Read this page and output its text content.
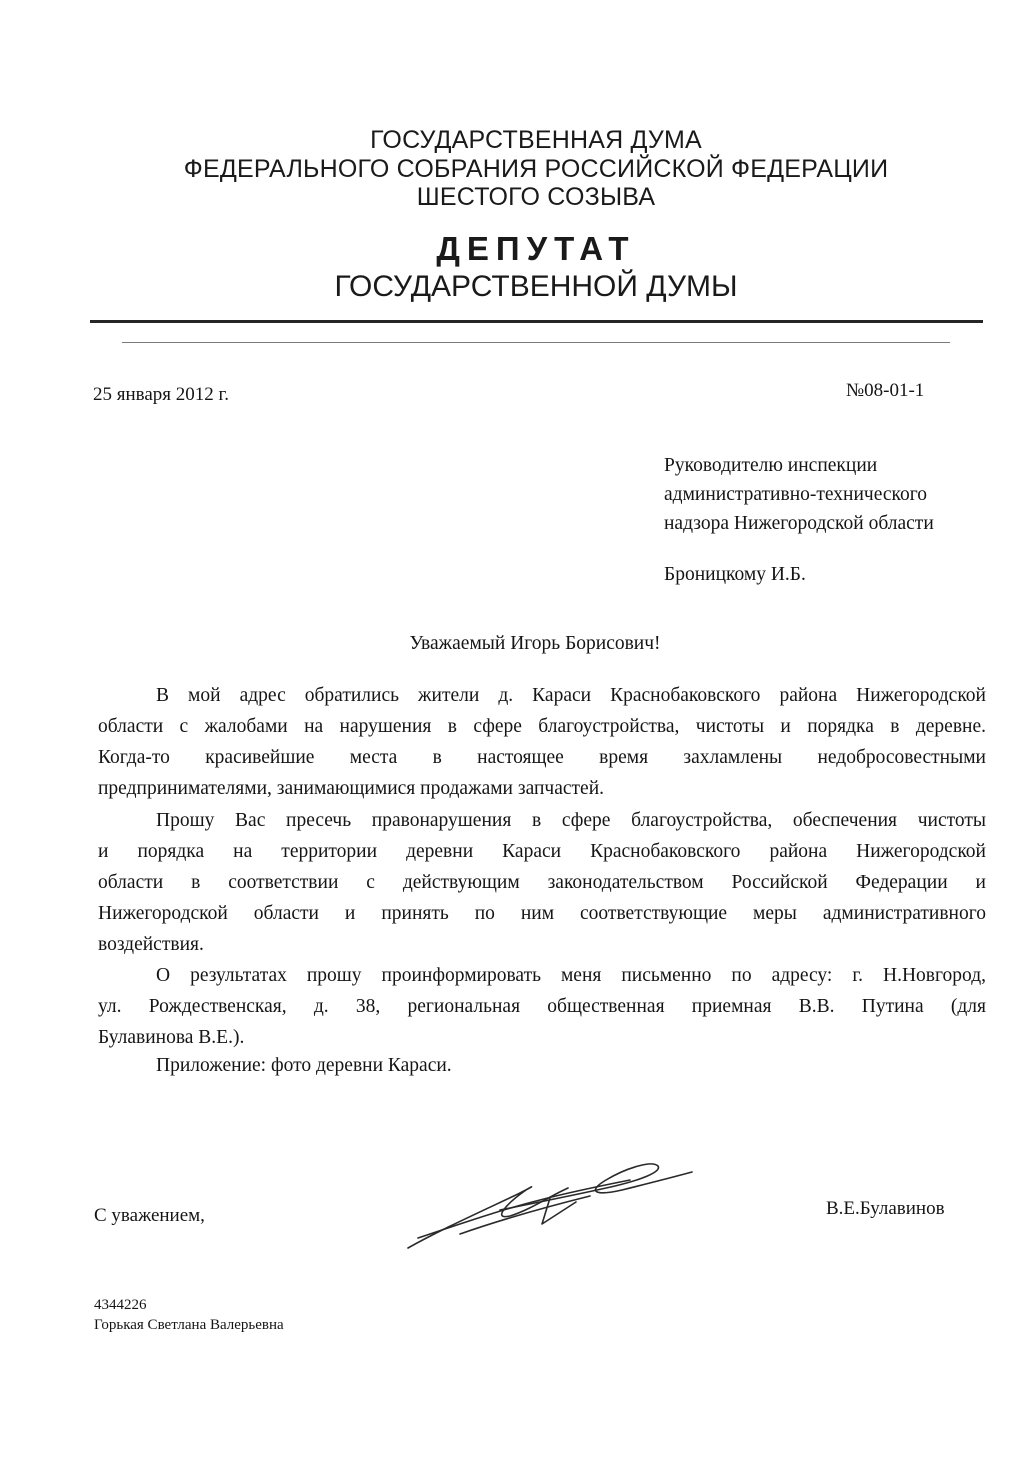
ГОСУДАРСТВЕННАЯ ДУМА
ФЕДЕРАЛЬНОГО СОБРАНИЯ РОССИЙСКОЙ ФЕДЕРАЦИИ
ШЕСТОГО СОЗЫВА
ДЕПУТАТ
ГОСУДАРСТВЕННОЙ ДУМЫ
25 января 2012 г.	№08-01-1
Руководителю инспекции
административно-технического
надзора Нижегородской области
Броницкому И.Б.
Уважаемый Игорь Борисович!
В мой адрес обратились жители д. Караси Краснобаковского района Нижегородской
области с жалобами на нарушения в сфере благоустройства, чистоты и порядка в деревне.
Когда-то красивейшие места в настоящее время захламлены недобросовестными
предпринимателями, занимающимися продажами запчастей.
Прошу Вас пресечь правонарушения в сфере благоустройства, обеспечения чистоты
и порядка на территории деревни Караси Краснобаковского района Нижегородской
области в соответствии с действующим законодательством Российской Федерации и
Нижегородской области и принять по ним соответствующие меры административного
воздействия.
О результатах прошу проинформировать меня письменно по адресу: г. Н.Новгород,
ул. Рождественская, д. 38, региональная общественная приемная В.В. Путина (для
Булавинова В.Е.).
Приложение: фото деревни Караси.
С уважением,	В.Е.Булавинов
4344226
Горькая Светлана Валерьевна
